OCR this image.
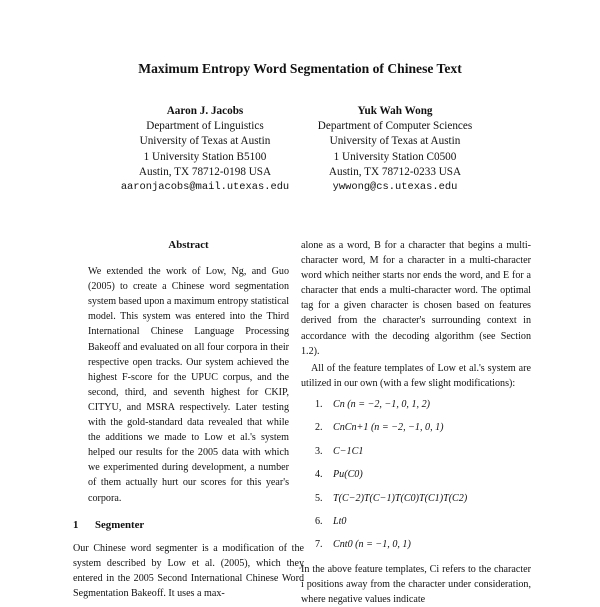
Maximum Entropy Word Segmentation of Chinese Text
Aaron J. Jacobs
Department of Linguistics
University of Texas at Austin
1 University Station B5100
Austin, TX 78712-0198 USA
aaronjacobs@mail.utexas.edu
Yuk Wah Wong
Department of Computer Sciences
University of Texas at Austin
1 University Station C0500
Austin, TX 78712-0233 USA
ywwong@cs.utexas.edu
Abstract

We extended the work of Low, Ng, and Guo (2005) to create a Chinese word segmentation system based upon a maximum entropy statistical model. This system was entered into the Third International Chinese Language Processing Bakeoff and evaluated on all four corpora in their respective open tracks. Our system achieved the highest F-score for the UPUC corpus, and the second, third, and seventh highest for CKIP, CITYU, and MSRA respectively. Later testing with the gold-standard data revealed that while the additions we made to Low et al.'s system helped our results for the 2005 data with which we experimented during development, a number of them actually hurt our scores for this year's corpora.

1 Segmenter

Our Chinese word segmenter is a modification of the system described by Low et al. (2005), which they entered in the 2005 Second International Chinese Word Segmentation Bakeoff. It uses a max-

alone as a word, B for a character that begins a multi-character word, M for a character in a multi-character word which neither starts nor ends the word, and E for a character that ends a multi-character word. The optimal tag for a given character is chosen based on features derived from the character's surrounding context in accordance with the decoding algorithm (see Section 1.2).

All of the feature templates of Low et al.'s system are utilized in our own (with a few slight modifications):

1. Cn (n = −2, −1, 0, 1, 2)
2. CnCn+1 (n = −2, −1, 0, 1)
3. C−1C1
4. Pu(C0)
5. T(C−2)T(C−1)T(C0)T(C1)T(C2)
6. Lt0
7. Cnt0 (n = −1, 0, 1)

In the above feature templates, Ci refers to the character i positions away from the character under consideration, where negative values indicate
